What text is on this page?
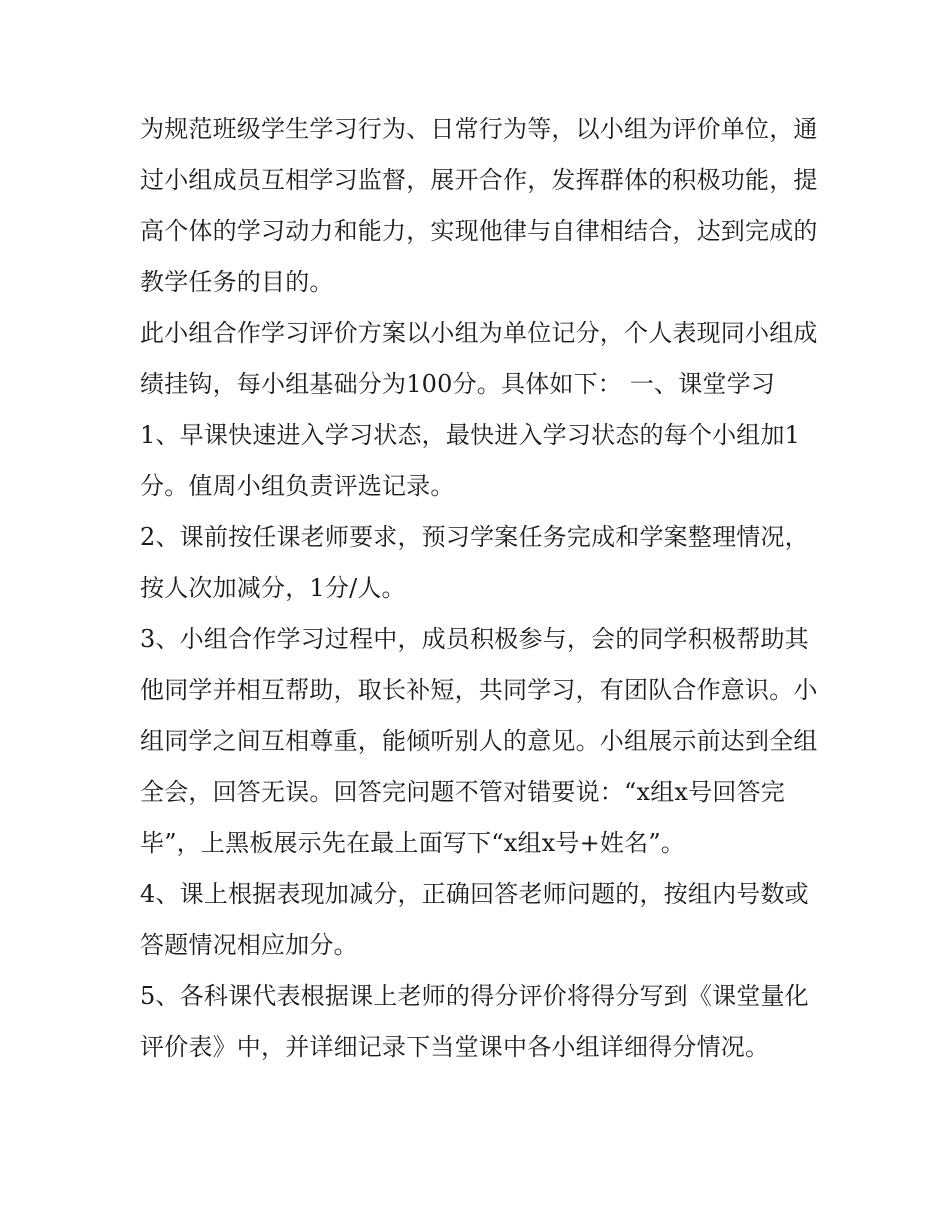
为规范班级学生学习行为、日常行为等，以小组为评价单位，通过小组成员互相学习监督，展开合作，发挥群体的积极功能，提高个体的学习动力和能力，实现他律与自律相结合，达到完成的教学任务的目的。

此小组合作学习评价方案以小组为单位记分，个人表现同小组成绩挂钩，每小组基础分为100分。具体如下： 一、课堂学习

1、早课快速进入学习状态，最快进入学习状态的每个小组加1分。值周小组负责评选记录。

2、课前按任课老师要求，预习学案任务完成和学案整理情况，按人次加减分，1分/人。

3、小组合作学习过程中，成员积极参与，会的同学积极帮助其他同学并相互帮助，取长补短，共同学习，有团队合作意识。小组同学之间互相尊重，能倾听别人的意见。小组展示前达到全组全会，回答无误。回答完问题不管对错要说：“x组x号回答完毕”，上黑板展示先在最上面写下“x组x号+姓名”。

4、课上根据表现加减分，正确回答老师问题的，按组内号数或答题情况相应加分。

5、各科课代表根据课上老师的得分评价将得分写到《课堂量化评价表》中，并详细记录下当堂课中各小组详细得分情况。
